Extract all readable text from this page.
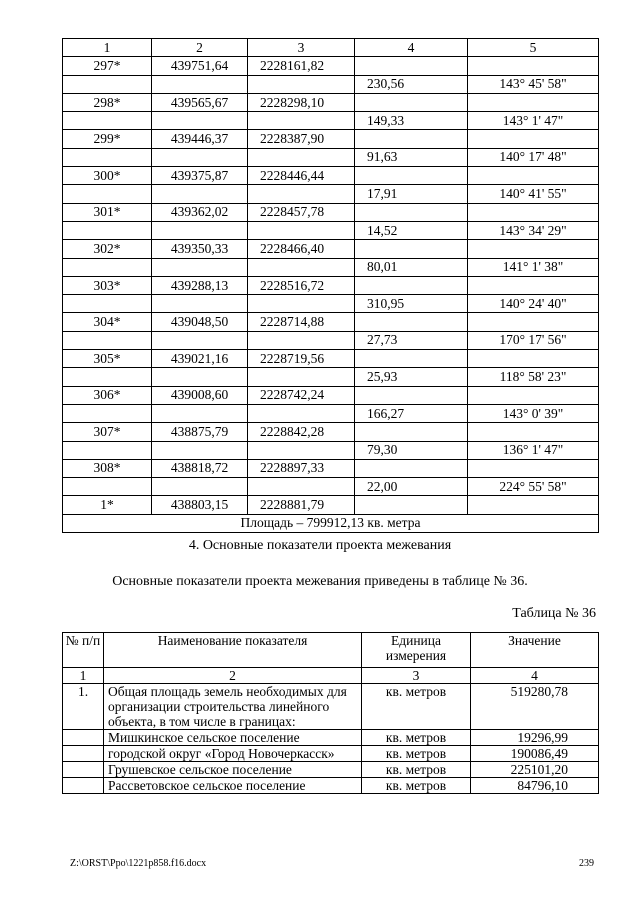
1	2	3	4	5
297*	439751,64	2228161,82		
			230,56	143° 45' 58"
298*	439565,67	2228298,10		
			149,33	143° 1' 47"
299*	439446,37	2228387,90		
			91,63	140° 17' 48"
300*	439375,87	2228446,44		
			17,91	140° 41' 55"
301*	439362,02	2228457,78		
			14,52	143° 34' 29"
302*	439350,33	2228466,40		
			80,01	141° 1' 38"
303*	439288,13	2228516,72		
			310,95	140° 24' 40"
304*	439048,50	2228714,88		
			27,73	170° 17' 56"
305*	439021,16	2228719,56		
			25,93	118° 58' 23"
306*	439008,60	2228742,24		
			166,27	143° 0' 39"
307*	438875,79	2228842,28		
			79,30	136° 1' 47"
308*	438818,72	2228897,33		
			22,00	224° 55' 58"
1*	438803,15	2228881,79		
Площадь – 799912,13 кв. метра				
4. Основные показатели проекта межевания
Основные показатели проекта межевания приведены в таблице № 36.
Таблица № 36
№ п/п	Наименование показателя	Единица измерения	Значение
1	2	3	4
1.	Общая площадь земель необходимых для организации строительства линейного объекта, в том числе в границах:	кв. метров	519280,78
	Мишкинское сельское поселение	кв. метров	19296,99
	городской округ «Город Новочеркасск»	кв. метров	190086,49
	Грушевское сельское поселение	кв. метров	225101,20
	Рассветовское сельское поселение	кв. метров	84796,10
Z:\ORST\Ppo\1221p858.f16.docx	239
